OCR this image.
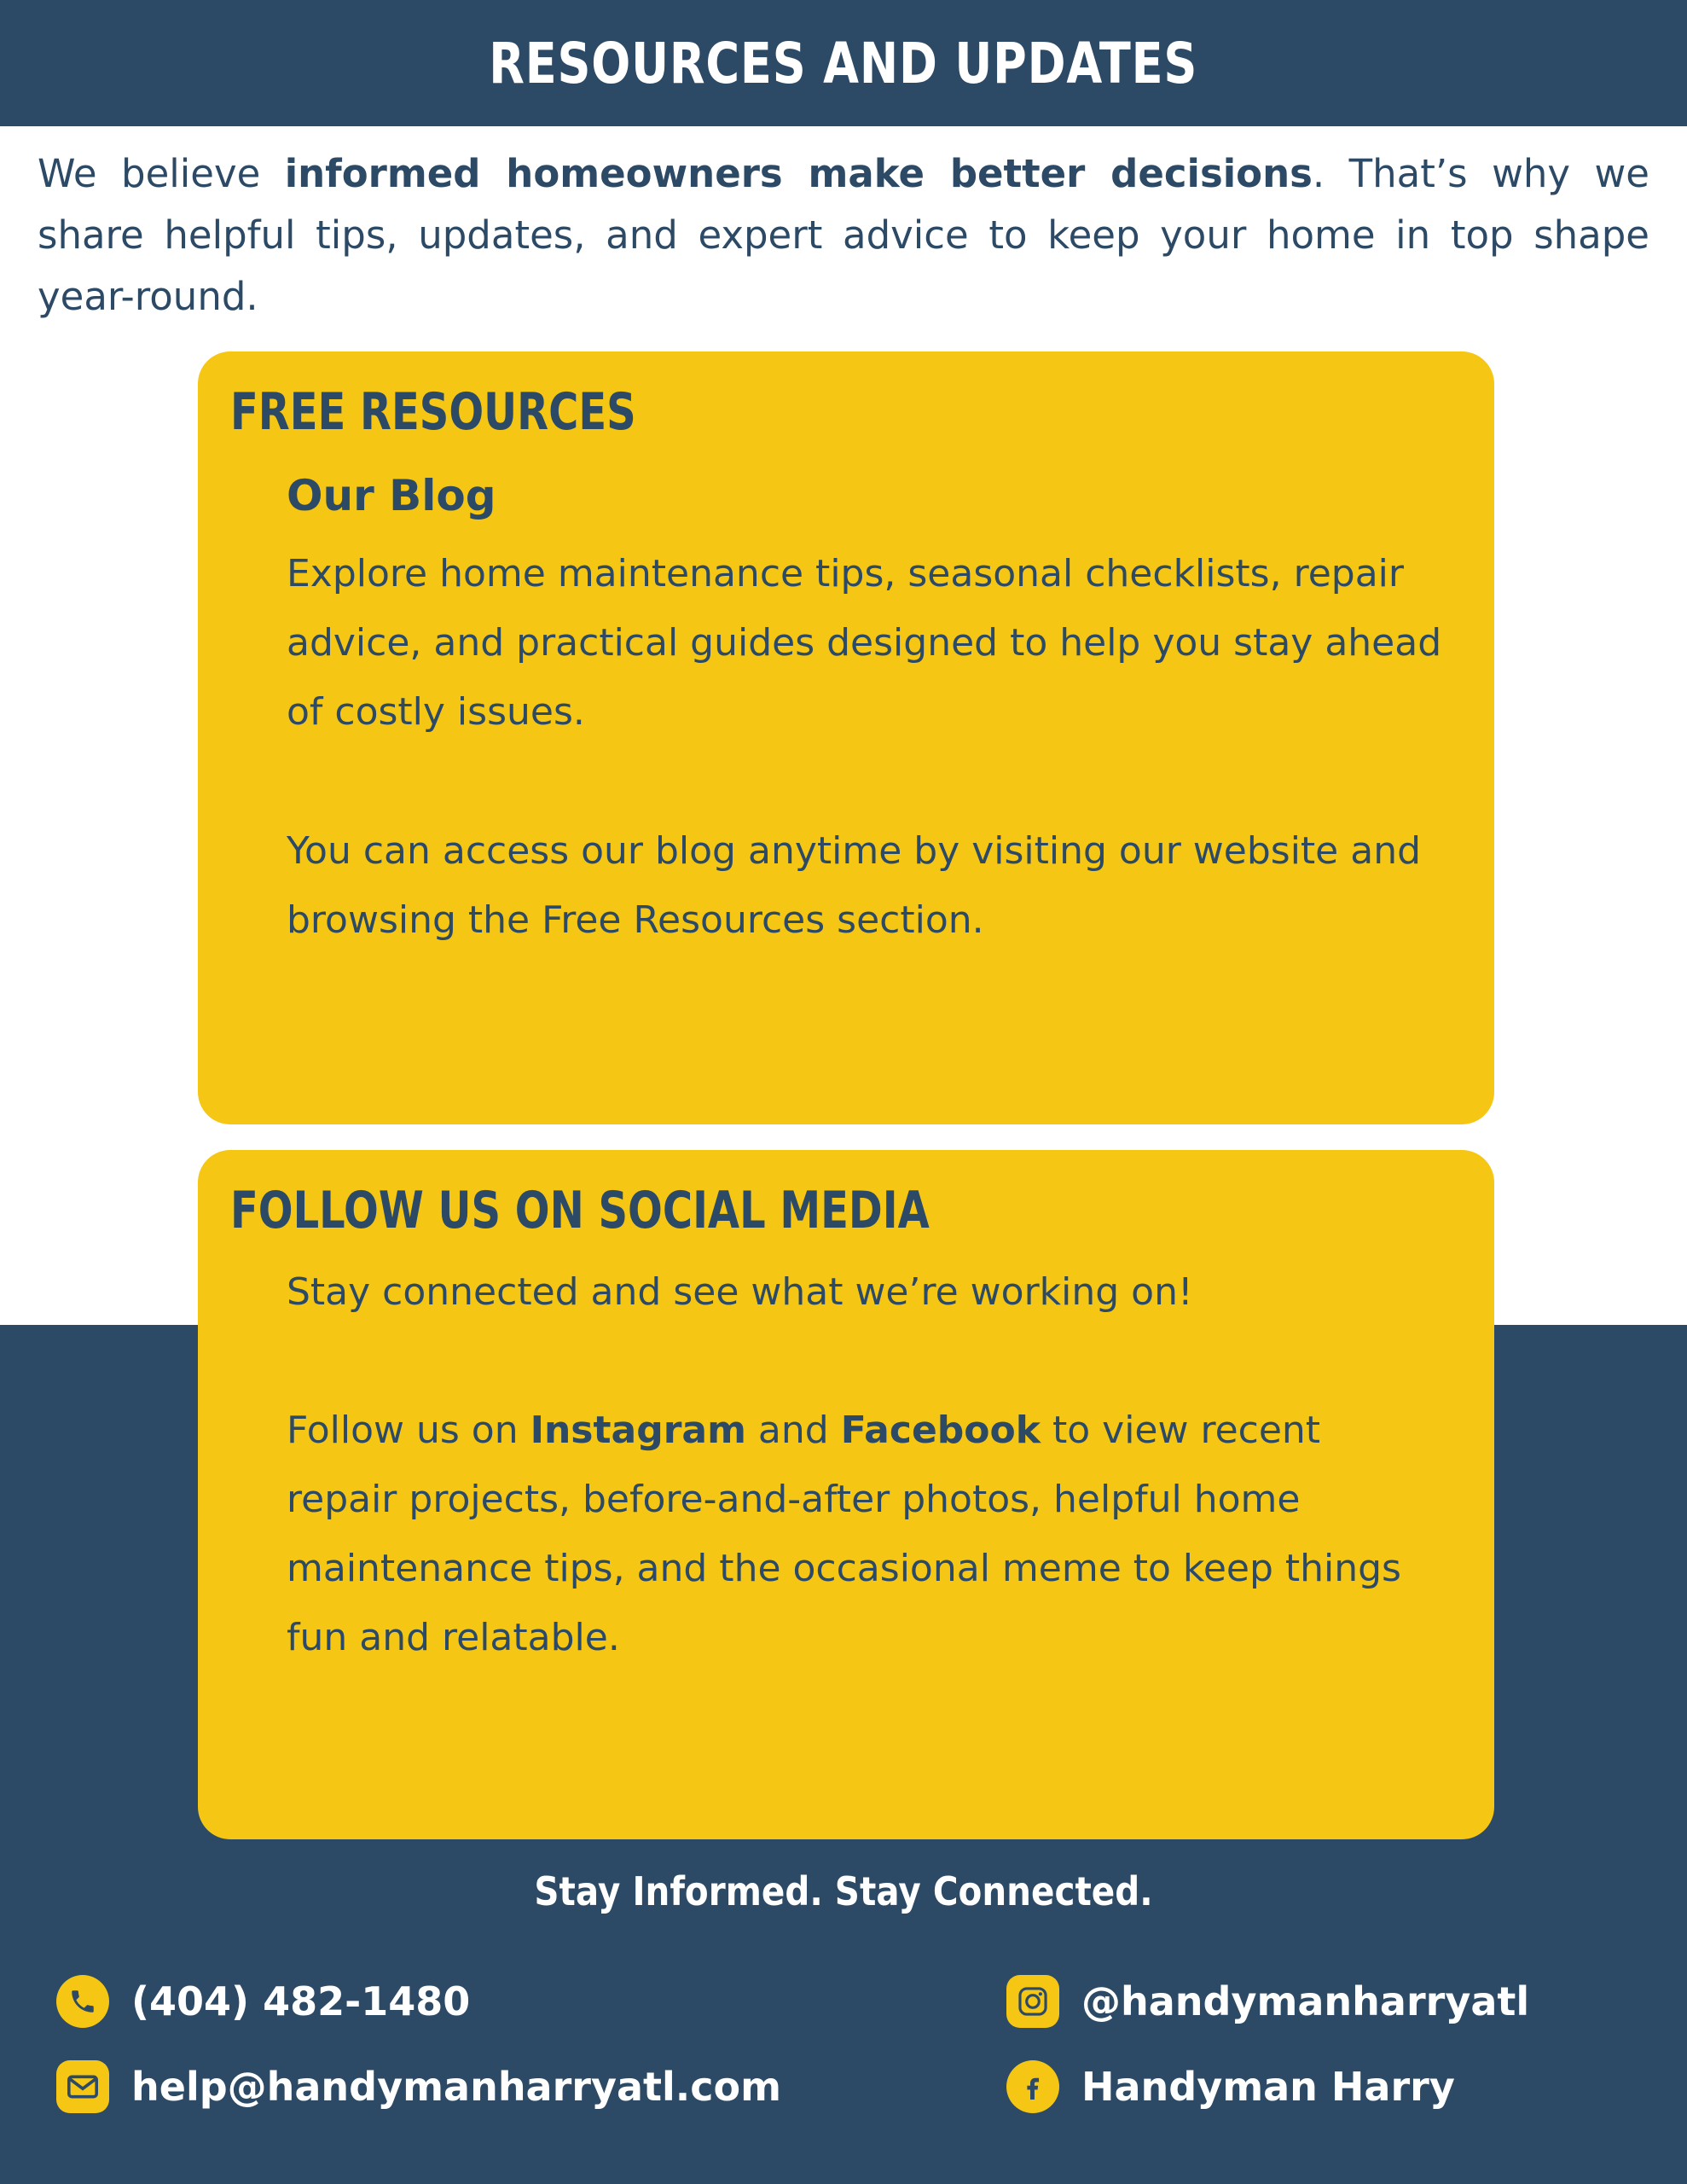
RESOURCES AND UPDATES
We believe informed homeowners make better decisions. That’s why we share helpful tips, updates, and expert advice to keep your home in top shape year-round.
FREE RESOURCES
Our Blog
Explore home maintenance tips, seasonal checklists, repair advice, and practical guides designed to help you stay ahead of costly issues.
You can access our blog anytime by visiting our website and browsing the Free Resources section.
FOLLOW US ON SOCIAL MEDIA
Stay connected and see what we’re working on!
Follow us on Instagram and Facebook to view recent repair projects, before-and-after photos, helpful home maintenance tips, and the occasional meme to keep things fun and relatable.
Stay Informed. Stay Connected.
(404) 482-1480
help@handymanharryatl.com
@handymanharryatl
Handyman Harry
